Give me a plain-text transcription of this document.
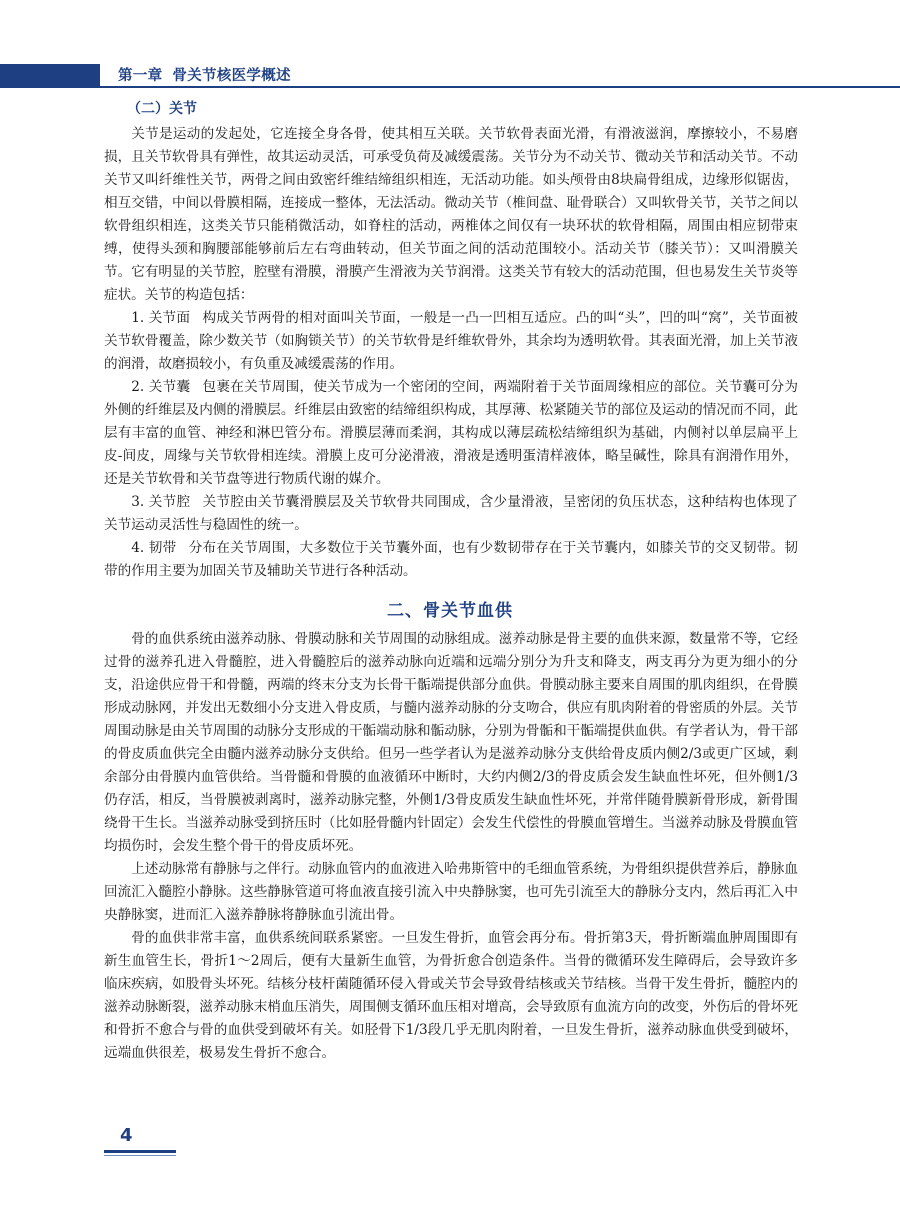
第一章 骨关节核医学概述
（二）关节

关节是运动的发起处，它连接全身各骨，使其相互关联。关节软骨表面光滑，有滑液滋润，摩擦较小，不易磨损，且关节软骨具有弹性，故其运动灵活，可承受负荷及减缓震荡。关节分为不动关节、微动关节和活动关节。不动关节又叫纤维性关节，两骨之间由致密纤维结缔组织相连，无活动功能。如头颅骨由8块扁骨组成，边缘形似锯齿，相互交错，中间以骨膜相隔，连接成一整体，无法活动。微动关节（椎间盘、耻骨联合）又叫软骨关节，关节之间以软骨组织相连，这类关节只能稍微活动，如脊柱的活动，两椎体之间仅有一块环状的软骨相隔，周围由相应韧带束缚，使得头颈和胸腰部能够前后左右弯曲转动，但关节面之间的活动范围较小。活动关节（膝关节）：又叫滑膜关节。它有明显的关节腔，腔壁有滑膜，滑膜产生滑液为关节润滑。这类关节有较大的活动范围，但也易发生关节炎等症状。关节的构造包括：

1. 关节面 构成关节两骨的相对面叫关节面，一般是一凸一凹相互适应。凸的叫“头”，凹的叫“窝”，关节面被关节软骨覆盖，除少数关节（如胸锁关节）的关节软骨是纤维软骨外，其余均为透明软骨。其表面光滑，加上关节液的润滑，故磨损较小，有负重及减缓震荡的作用。

2. 关节囊 包裹在关节周围，使关节成为一个密闭的空间，两端附着于关节面周缘相应的部位。关节囊可分为外侧的纤维层及内侧的滑膜层。纤维层由致密的结缔组织构成，其厚薄、松紧随关节的部位及运动的情况而不同，此层有丰富的血管、神经和淋巴管分布。滑膜层薄而柔润，其构成以薄层疏松结缔组织为基础，内侧衬以单层扁平上皮-间皮，周缘与关节软骨相连续。滑膜上皮可分泌滑液，滑液是透明蛋清样液体，略呈碱性，除具有润滑作用外，还是关节软骨和关节盘等进行物质代谢的媒介。

3. 关节腔 关节腔由关节囊滑膜层及关节软骨共同围成，含少量滑液，呈密闭的负压状态，这种结构也体现了关节运动灵活性与稳固性的统一。

4. 韧带 分布在关节周围，大多数位于关节囊外面，也有少数韧带存在于关节囊内，如膝关节的交叉韧带。韧带的作用主要为加固关节及辅助关节进行各种活动。

二、骨关节血供

骨的血供系统由滋养动脉、骨膜动脉和关节周围的动脉组成。滋养动脉是骨主要的血供来源，数量常不等，它经过骨的滋养孔进入骨髓腔，进入骨髓腔后的滋养动脉向近端和远端分别分为升支和降支，两支再分为更为细小的分支，沿途供应骨干和骨髓，两端的终末分支为长骨干骺端提供部分血供。骨膜动脉主要来自周围的肌肉组织，在骨膜形成动脉网，并发出无数细小分支进入骨皮质，与髓内滋养动脉的分支吻合，供应有肌肉附着的骨密质的外层。关节周围动脉是由关节周围的动脉分支形成的干骺端动脉和骺动脉，分别为骨骺和干骺端提供血供。有学者认为，骨干部的骨皮质血供完全由髓内滋养动脉分支供给。但另一些学者认为是滋养动脉分支供给骨皮质内侧2/3或更广区域，剩余部分由骨膜内血管供给。当骨髓和骨膜的血液循环中断时，大约内侧2/3的骨皮质会发生缺血性坏死，但外侧1/3仍存活，相反，当骨膜被剥离时，滋养动脉完整，外侧1/3骨皮质发生缺血性坏死，并常伴随骨膜新骨形成，新骨围绕骨干生长。当滋养动脉受到挤压时（比如胫骨髓内针固定）会发生代偿性的骨膜血管增生。当滋养动脉及骨膜血管均损伤时，会发生整个骨干的骨皮质坏死。

上述动脉常有静脉与之伴行。动脉血管内的血液进入哈弗斯管中的毛细血管系统，为骨组织提供营养后，静脉血回流汇入髓腔小静脉。这些静脉管道可将血液直接引流入中央静脉窦，也可先引流至大的静脉分支内，然后再汇入中央静脉窦，进而汇入滋养静脉将静脉血引流出骨。

骨的血供非常丰富，血供系统间联系紧密。一旦发生骨折，血管会再分布。骨折第3天，骨折断端血肿周围即有新生血管生长，骨折1～2周后，便有大量新生血管，为骨折愈合创造条件。当骨的微循环发生障碍后，会导致许多临床疾病，如股骨头坏死。结核分枝杆菌随循环侵入骨或关节会导致骨结核或关节结核。当骨干发生骨折，髓腔内的滋养动脉断裂，滋养动脉末梢血压消失，周围侧支循环血压相对增高，会导致原有血流方向的改变，外伤后的骨坏死和骨折不愈合与骨的血供受到破坏有关。如胫骨下1/3段几乎无肌肉附着，一旦发生骨折，滋养动脉血供受到破坏，远端血供很差，极易发生骨折不愈合。

4
